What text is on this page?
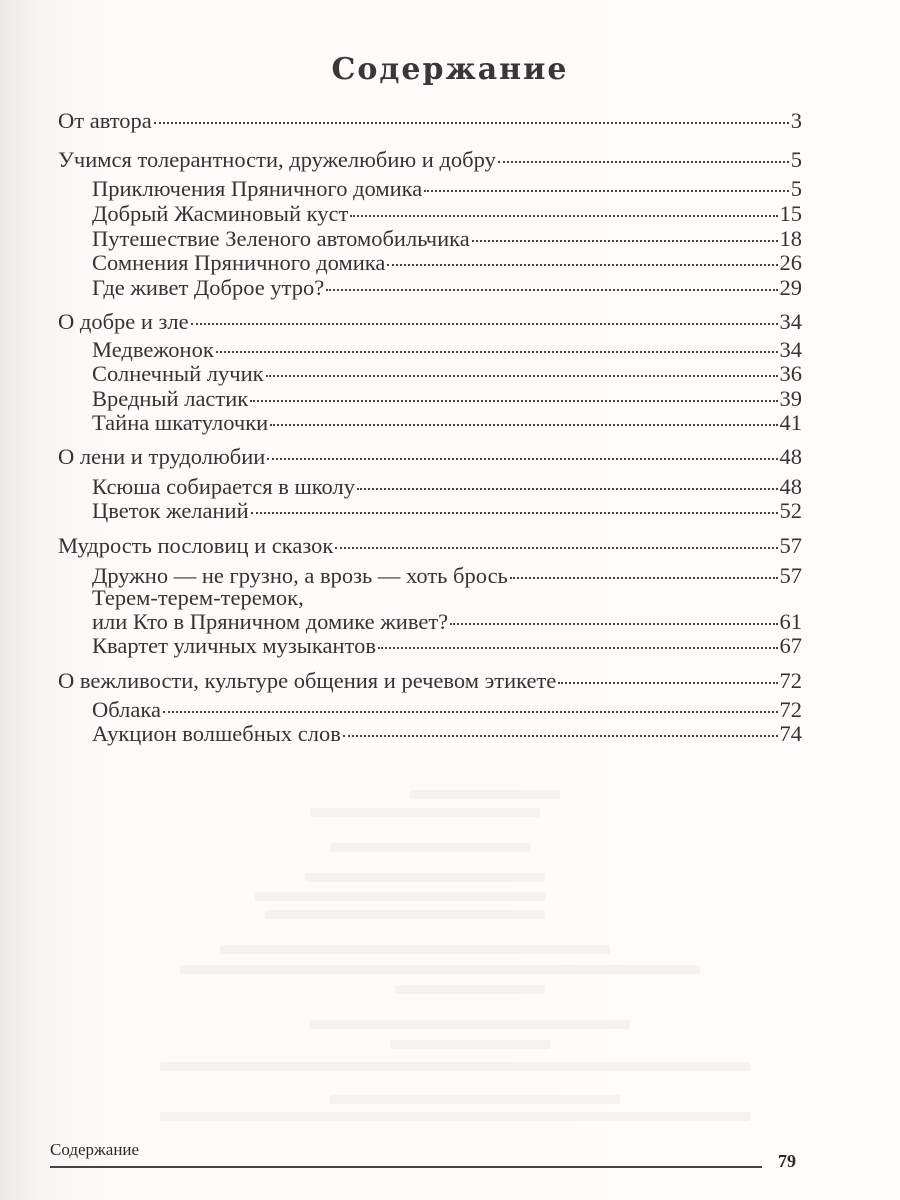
Содержание
От автора	3
Учимся толерантности, дружелюбию и добру	5
Приключения Пряничного домика	5
Добрый Жасминовый куст	15
Путешествие Зеленого автомобильчика	18
Сомнения Пряничного домика	26
Где живет Доброе утро?	29
О добре и зле	34
Медвежонок	34
Солнечный лучик	36
Вредный ластик	39
Тайна шкатулочки	41
О лени и трудолюбии	48
Ксюша собирается в школу	48
Цветок желаний	52
Мудрость пословиц и сказок	57
Дружно — не грузно, а врозь — хоть брось	57
Терем-терем-теремок,
или Кто в Пряничном домике живет?	61
Квартет уличных музыкантов	67
О вежливости, культуре общения и речевом этикете	72
Облака	72
Аукцион волшебных слов	74
Содержание
79
